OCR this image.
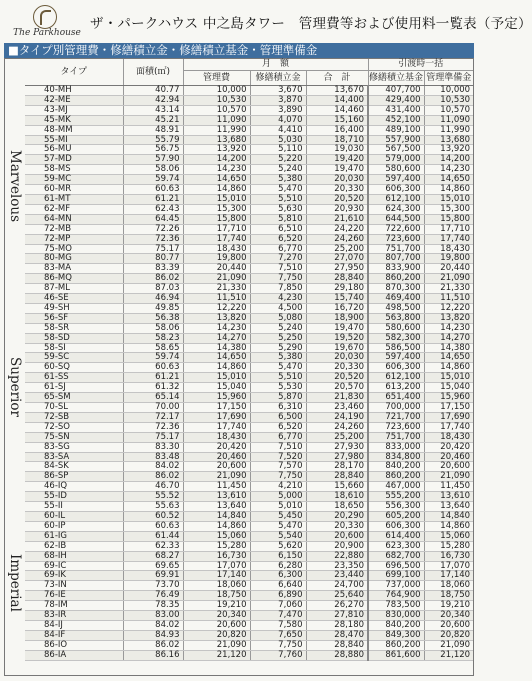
The Parkhouse
ザ・パークハウス 中之島タワー　管理費等および使用料一覧表（予定）
■タイプ別管理費・修繕積立金・修繕積立基金・管理準備金
Marvelous
Superior
Imperial
タイプ	面積(㎡)	月　額			引渡時一括	
		管理費	修繕積立金	合　計	修繕積立基金	管理準備金
40-MH	40.77	10,000	3,670	13,670	407,700	10,000
42-ME	42.94	10,530	3,870	14,400	429,400	10,530
43-MJ	43.14	10,570	3,890	14,460	431,400	10,570
45-MK	45.21	11,090	4,070	15,160	452,100	11,090
48-MM	48.91	11,990	4,410	16,400	489,100	11,990
55-MI	55.79	13,680	5,030	18,710	557,900	13,680
56-MU	56.75	13,920	5,110	19,030	567,500	13,920
57-MD	57.90	14,200	5,220	19,420	579,000	14,200
58-MS	58.06	14,230	5,240	19,470	580,600	14,230
59-MC	59.74	14,650	5,380	20,030	597,400	14,650
60-MR	60.63	14,860	5,470	20,330	606,300	14,860
61-MT	61.21	15,010	5,510	20,520	612,100	15,010
62-MF	62.43	15,300	5,630	20,930	624,300	15,300
64-MN	64.45	15,800	5,810	21,610	644,500	15,800
72-MB	72.26	17,710	6,510	24,220	722,600	17,710
72-MP	72.36	17,740	6,520	24,260	723,600	17,740
75-MO	75.17	18,430	6,770	25,200	751,700	18,430
80-MG	80.77	19,800	7,270	27,070	807,700	19,800
83-MA	83.39	20,440	7,510	27,950	833,900	20,440
86-MQ	86.02	21,090	7,750	28,840	860,200	21,090
87-ML	87.03	21,330	7,850	29,180	870,300	21,330
46-SE	46.94	11,510	4,230	15,740	469,400	11,510
49-SH	49.85	12,220	4,500	16,720	498,500	12,220
56-SF	56.38	13,820	5,080	18,900	563,800	13,820
58-SR	58.06	14,230	5,240	19,470	580,600	14,230
58-SD	58.23	14,270	5,250	19,520	582,300	14,270
58-SI	58.65	14,380	5,290	19,670	586,500	14,380
59-SC	59.74	14,650	5,380	20,030	597,400	14,650
60-SQ	60.63	14,860	5,470	20,330	606,300	14,860
61-SS	61.21	15,010	5,510	20,520	612,100	15,010
61-SJ	61.32	15,040	5,530	20,570	613,200	15,040
65-SM	65.14	15,960	5,870	21,830	651,400	15,960
70-SL	70.00	17,150	6,310	23,460	700,000	17,150
72-SB	72.17	17,690	6,500	24,190	721,700	17,690
72-SO	72.36	17,740	6,520	24,260	723,600	17,740
75-SN	75.17	18,430	6,770	25,200	751,700	18,430
83-SG	83.30	20,420	7,510	27,930	833,000	20,420
83-SA	83.48	20,460	7,520	27,980	834,800	20,460
84-SK	84.02	20,600	7,570	28,170	840,200	20,600
86-SP	86.02	21,090	7,750	28,840	860,200	21,090
46-IQ	46.70	11,450	4,210	15,660	467,000	11,450
55-ID	55.52	13,610	5,000	18,610	555,200	13,610
55-II	55.63	13,640	5,010	18,650	556,300	13,640
60-IL	60.52	14,840	5,450	20,290	605,200	14,840
60-IP	60.63	14,860	5,470	20,330	606,300	14,860
61-IG	61.44	15,060	5,540	20,600	614,400	15,060
62-IB	62.33	15,280	5,620	20,900	623,300	15,280
68-IH	68.27	16,730	6,150	22,880	682,700	16,730
69-IC	69.65	17,070	6,280	23,350	696,500	17,070
69-IK	69.91	17,140	6,300	23,440	699,100	17,140
73-IN	73.70	18,060	6,640	24,700	737,000	18,060
76-IE	76.49	18,750	6,890	25,640	764,900	18,750
78-IM	78.35	19,210	7,060	26,270	783,500	19,210
83-IR	83.00	20,340	7,470	27,810	830,000	20,340
84-IJ	84.02	20,600	7,580	28,180	840,200	20,600
84-IF	84.93	20,820	7,650	28,470	849,300	20,820
86-IO	86.02	21,090	7,750	28,840	860,200	21,090
86-IA	86.16	21,120	7,760	28,880	861,600	21,120
